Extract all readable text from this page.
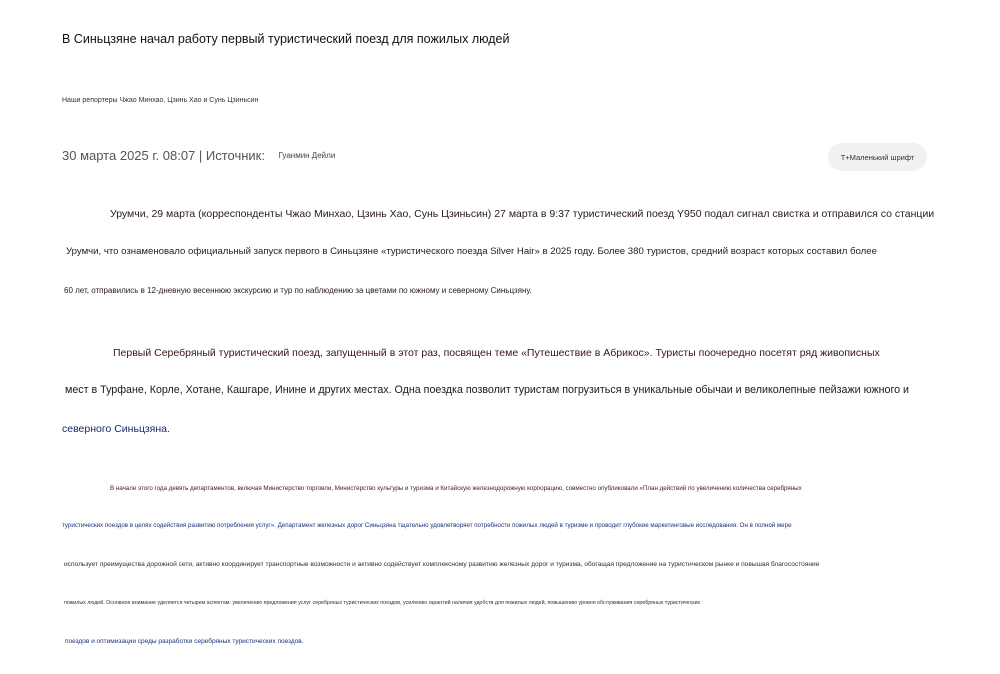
В Синьцзяне начал работу первый туристический поезд для пожилых людей
Наши репортеры Чжао Минхао, Цзинь Хао и Сунь Цзиньсин
30 марта 2025 г. 08:07 | Источник: Гуанмин Дейли	Т+Маленький шрифт
Урумчи, 29 марта (корреспонденты Чжао Минхао, Цзинь Хао, Сунь Цзиньсин) 27 марта в 9:37 туристический поезд Y950 подал сигнал свистка и отправился со станции
Урумчи, что ознаменовало официальный запуск первого в Синьцзяне «туристического поезда Silver Hair» в 2025 году. Более 380 туристов, средний возраст которых составил более
60 лет, отправились в 12-дневную весеннюю экскурсию и тур по наблюдению за цветами по южному и северному Синьцзяну.
Первый Серебряный туристический поезд, запущенный в этот раз, посвящен теме «Путешествие в Абрикос». Туристы поочередно посетят ряд живописных
мест в Турфане, Корле, Хотане, Кашгаре, Инине и других местах. Одна поездка позволит туристам погрузиться в уникальные обычаи и великолепные пейзажи южного и
северного Синьцзяна.
В начале этого года девять департаментов, включая Министерство торговли, Министерство культуры и туризма и Китайскую железнодорожную корпорацию, совместно опубликовали «План действий по увеличению количества серебряных
туристических поездов в целях содействия развитию потребления услуг». Департамент железных дорог Синьцзяна тщательно удовлетворяет потребности пожилых людей в туризме и проводит глубокие маркетинговые исследования. Он в полной мере
использует преимущества дорожной сети, активно координирует транспортные возможности и активно содействует комплексному развитию железных дорог и туризма, обогащая предложение на туристическом рынке и повышая благосостояние
пожилых людей. Основное внимание уделяется четырем аспектам: увеличению предложения услуг серебряных туристических поездов, усилению гарантий наличия удобств для пожилых людей, повышению уровня обслуживания серебряных туристических
поездов и оптимизации среды разработки серебряных туристических поездов.
